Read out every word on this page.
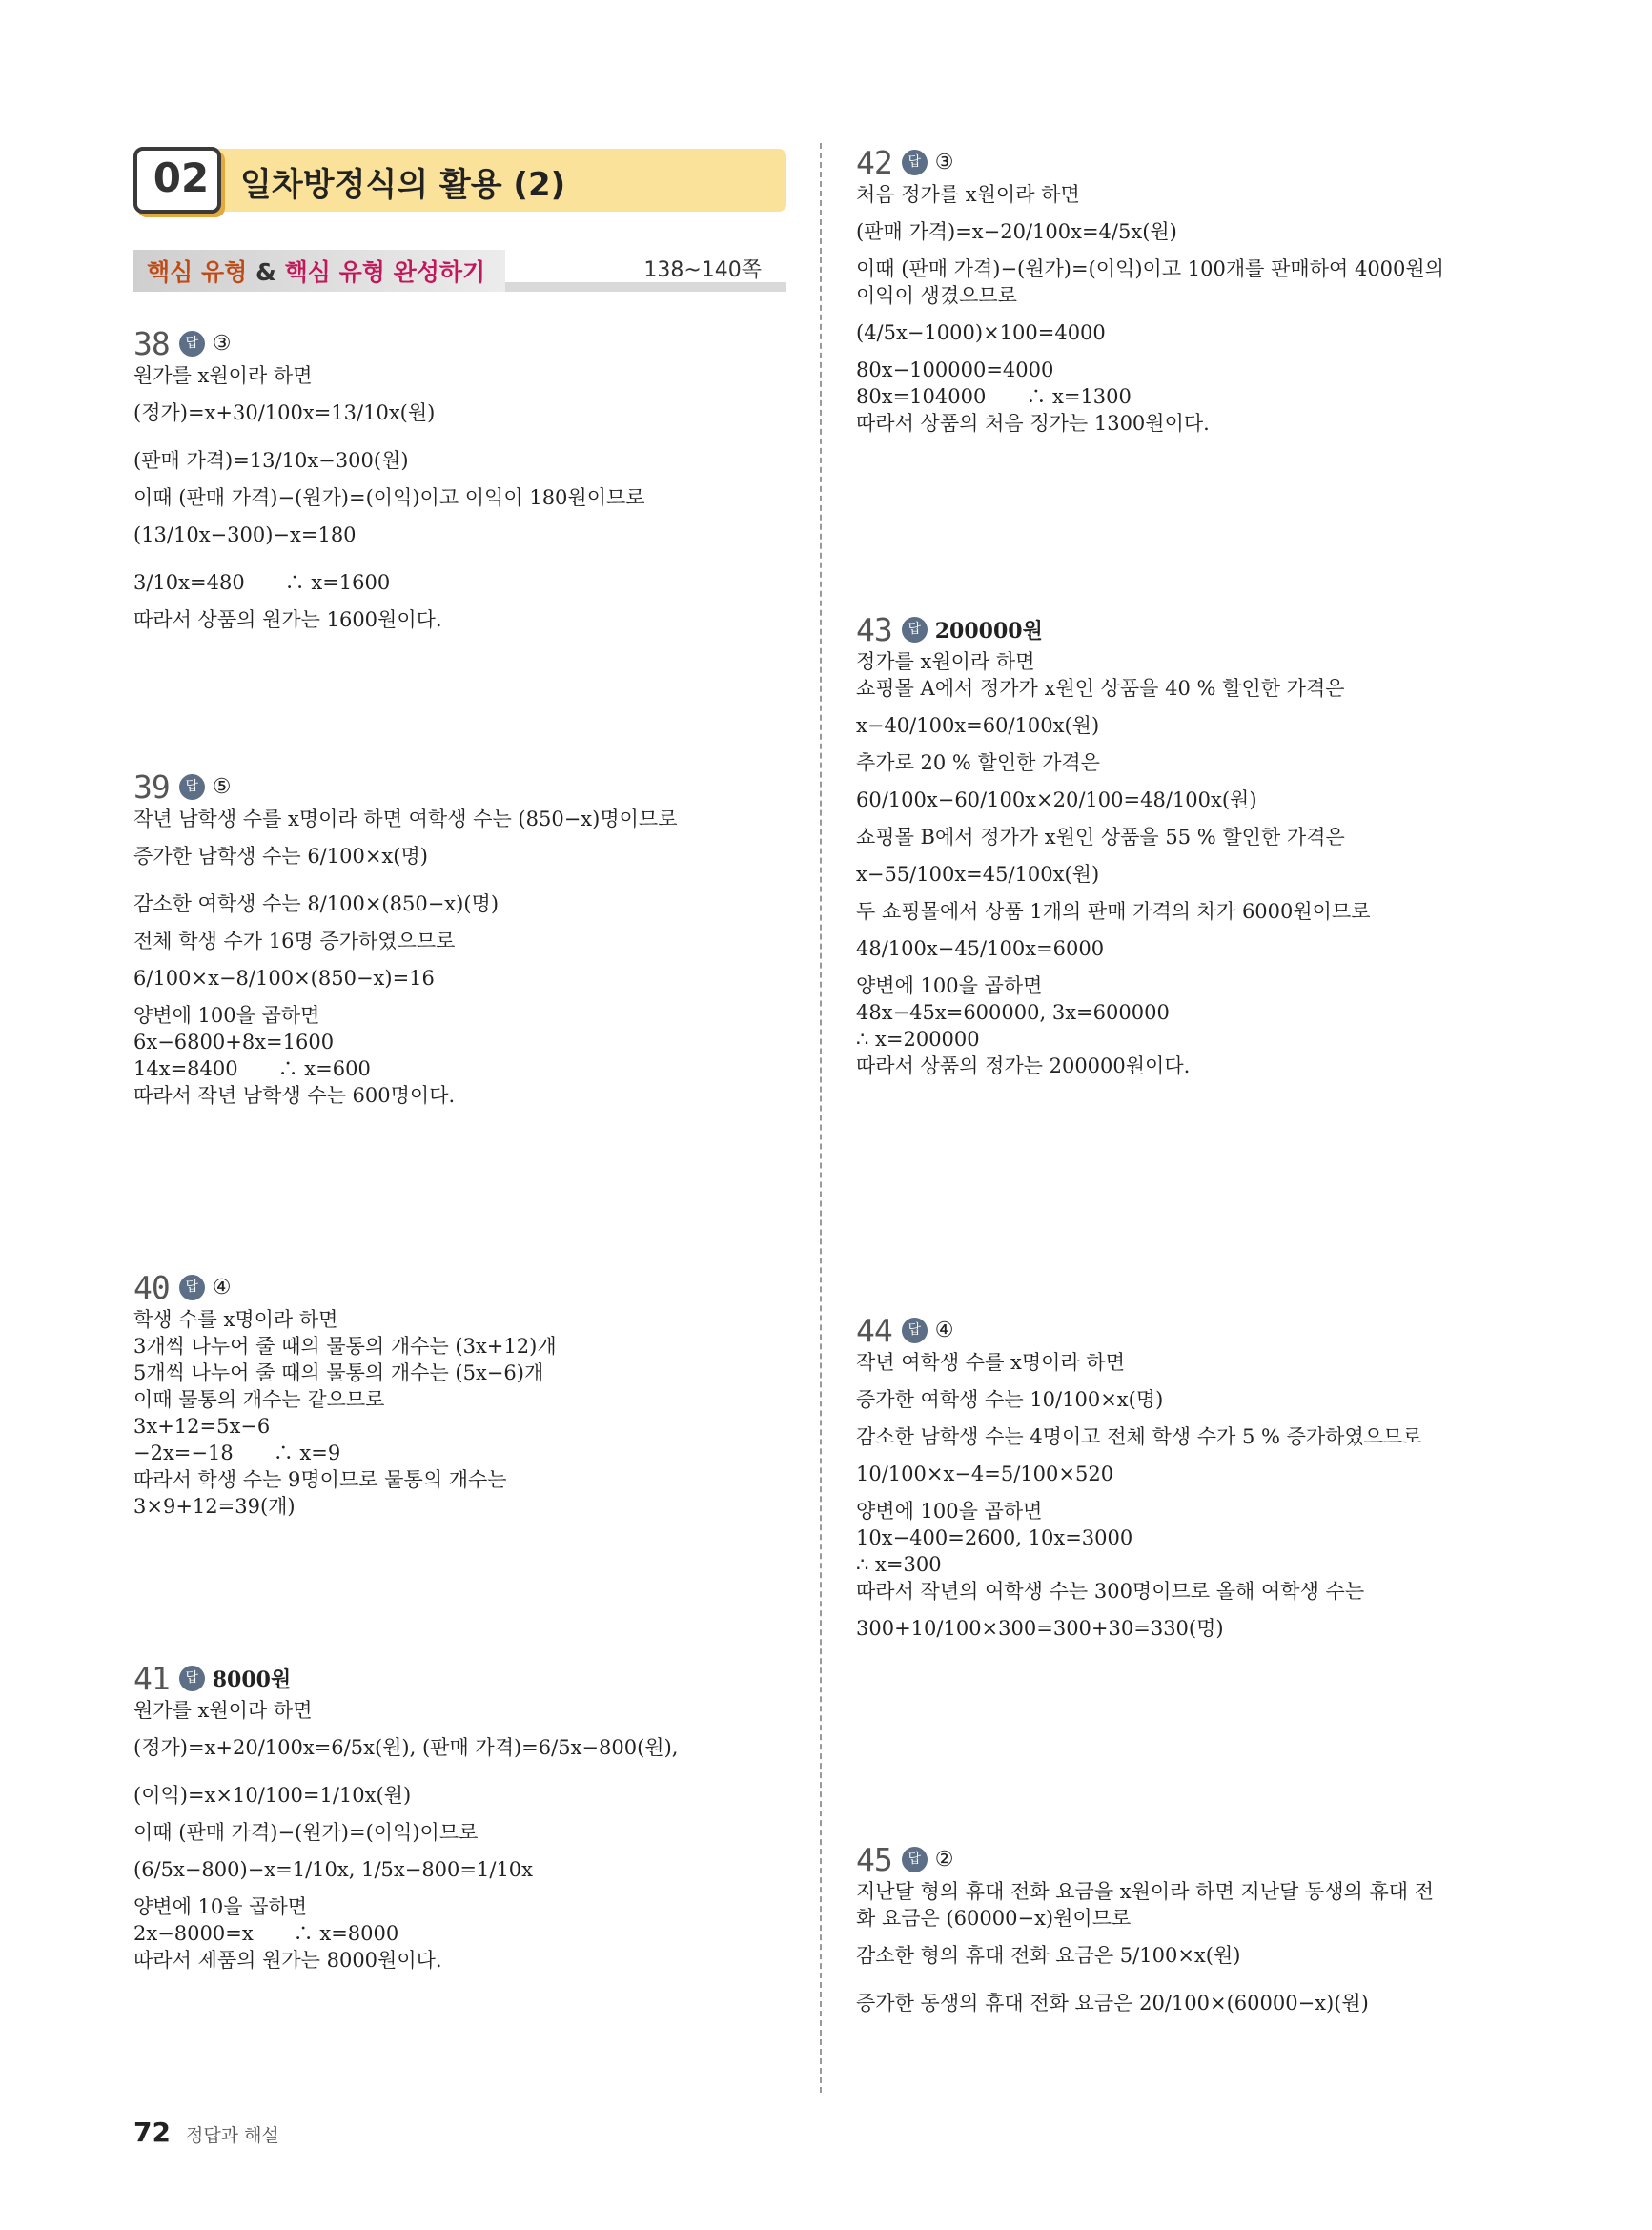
02 일차방정식의 활용 (2)
핵심 유형 & 핵심 유형 완성하기	138~140쪽
72 정답과 해설
38	답 ③
원가를 x원이라 하면
(정가)=x+30/100x=13/10x(원)
(판매 가격)=13/10x−300(원)
이때 (판매 가격)−(원가)=(이익)이고 이익이 180원이므로
(13/10x−300)−x=180
3/10x=480　　∴ x=1600
따라서 상품의 원가는 1600원이다.
39	답 ⑤
작년 남학생 수를 x명이라 하면 여학생 수는 (850−x)명이므로
증가한 남학생 수는 6/100×x(명)
감소한 여학생 수는 8/100×(850−x)(명)
전체 학생 수가 16명 증가하였으므로
6/100×x−8/100×(850−x)=16
양변에 100을 곱하면
6x−6800+8x=1600
14x=8400　　∴ x=600
따라서 작년 남학생 수는 600명이다.
40	답 ④
학생 수를 x명이라 하면
3개씩 나누어 줄 때의 물통의 개수는 (3x+12)개
5개씩 나누어 줄 때의 물통의 개수는 (5x−6)개
이때 물통의 개수는 같으므로
3x+12=5x−6
−2x=−18　　∴ x=9
따라서 학생 수는 9명이므로 물통의 개수는
3×9+12=39(개)
41	답 8000원
원가를 x원이라 하면
(정가)=x+20/100x=6/5x(원), (판매 가격)=6/5x−800(원),
(이익)=x×10/100=1/10x(원)
이때 (판매 가격)−(원가)=(이익)이므로
(6/5x−800)−x=1/10x, 1/5x−800=1/10x
양변에 10을 곱하면
2x−8000=x　　∴ x=8000
따라서 제품의 원가는 8000원이다.
42	답 ③
처음 정가를 x원이라 하면
(판매 가격)=x−20/100x=4/5x(원)
이때 (판매 가격)−(원가)=(이익)이고 100개를 판매하여 4000원의
이익이 생겼으므로
(4/5x−1000)×100=4000
80x−100000=4000
80x=104000　　∴ x=1300
따라서 상품의 처음 정가는 1300원이다.
43	답 200000원
정가를 x원이라 하면
쇼핑몰 A에서 정가가 x원인 상품을 40 % 할인한 가격은
x−40/100x=60/100x(원)
추가로 20 % 할인한 가격은
60/100x−60/100x×20/100=48/100x(원)
쇼핑몰 B에서 정가가 x원인 상품을 55 % 할인한 가격은
x−55/100x=45/100x(원)
두 쇼핑몰에서 상품 1개의 판매 가격의 차가 6000원이므로
48/100x−45/100x=6000
양변에 100을 곱하면
48x−45x=600000, 3x=600000
∴ x=200000
따라서 상품의 정가는 200000원이다.
44	답 ④
작년 여학생 수를 x명이라 하면
증가한 여학생 수는 10/100×x(명)
감소한 남학생 수는 4명이고 전체 학생 수가 5 % 증가하였으므로
10/100×x−4=5/100×520
양변에 100을 곱하면
10x−400=2600, 10x=3000
∴ x=300
따라서 작년의 여학생 수는 300명이므로 올해 여학생 수는
300+10/100×300=300+30=330(명)
45	답 ②
지난달 형의 휴대 전화 요금을 x원이라 하면 지난달 동생의 휴대 전
화 요금은 (60000−x)원이므로
감소한 형의 휴대 전화 요금은 5/100×x(원)
증가한 동생의 휴대 전화 요금은 20/100×(60000−x)(원)
